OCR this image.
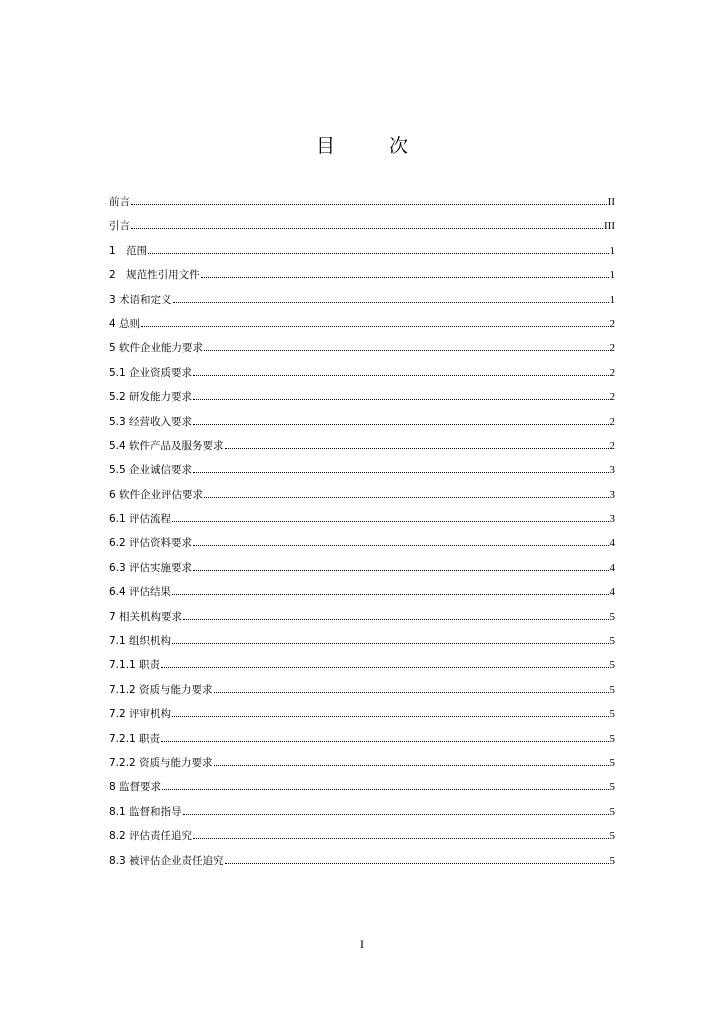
目 次
前言	II
引言	III
1　范围	1
2　规范性引用文件	1
3 术语和定义	1
4 总则	2
5 软件企业能力要求	2
5.1 企业资质要求	2
5.2 研发能力要求	2
5.3 经营收入要求	2
5.4 软件产品及服务要求	2
5.5 企业诚信要求	3
6 软件企业评估要求	3
6.1 评估流程	3
6.2 评估资料要求	4
6.3 评估实施要求	4
6.4 评估结果	4
7 相关机构要求	5
7.1 组织机构	5
7.1.1 职责	5
7.1.2 资质与能力要求	5
7.2 评审机构	5
7.2.1 职责	5
7.2.2 资质与能力要求	5
8 监督要求	5
8.1 监督和指导	5
8.2 评估责任追究	5
8.3 被评估企业责任追究	5
I
